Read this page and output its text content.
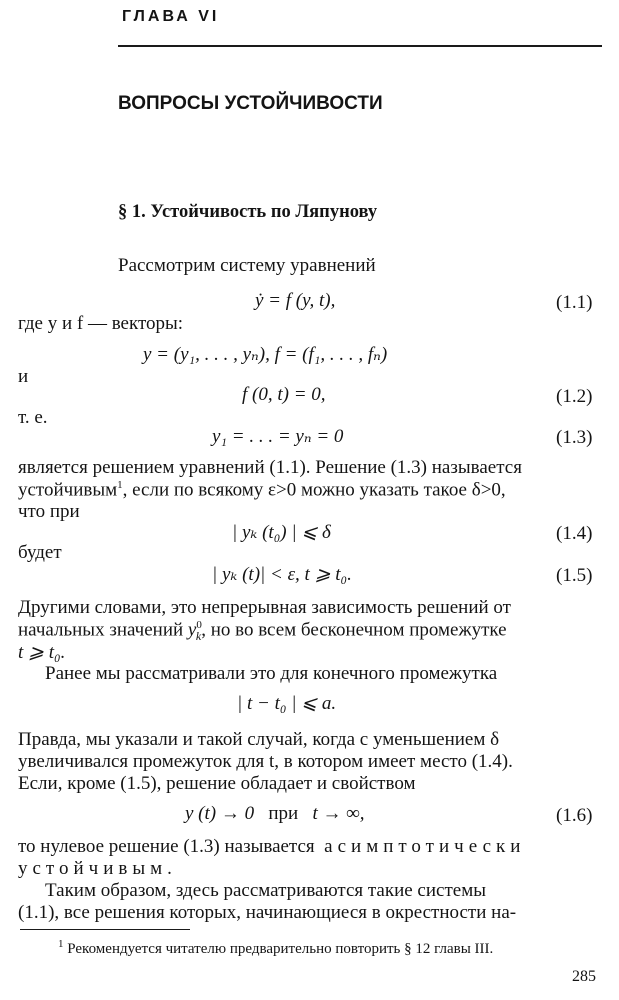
ГЛАВА VI
ВОПРОСЫ УСТОЙЧИВОСТИ
§ 1. Устойчивость по Ляпунову
Рассмотрим систему уравнений
ẏ = f (y, t),	(1.1)
где y и f — векторы:
y = (y₁, . . . , yₙ), f = (f₁, . . . , fₙ)
и
f (0, t) = 0,	(1.2)
т. е.
y₁ = . . . = yₙ = 0	(1.3)
является решением уравнений (1.1). Решение (1.3) называется
устойчивым$^1$, если по всякому ε>0 можно указать такое δ>0,
что при
| yₖ (t₀) | ⩽ δ	(1.4)
будет
| yₖ (t)| < ε, t ⩾ t₀.	(1.5)
Другими словами, это непрерывная зависимость решений от
начальных значений $y^0_k$, но во всем бесконечном промежутке
t ⩾ t₀.
Ранее мы рассматривали это для конечного промежутка
| t − t₀ | ⩽ a.
Правда, мы указали и такой случай, когда с уменьшением δ
увеличивался промежуток для t, в котором имеет место (1.4).
Если, кроме (1.5), решение обладает и свойством
y (t) → 0 при t → ∞,	(1.6)
то нулевое решение (1.3) называется асимптотически
устойчивым.
Таким образом, здесь рассматриваются такие системы
(1.1), все решения которых, начинающиеся в окрестности на-
$^1$ Рекомендуется читателю предварительно повторить § 12 главы III.
285
